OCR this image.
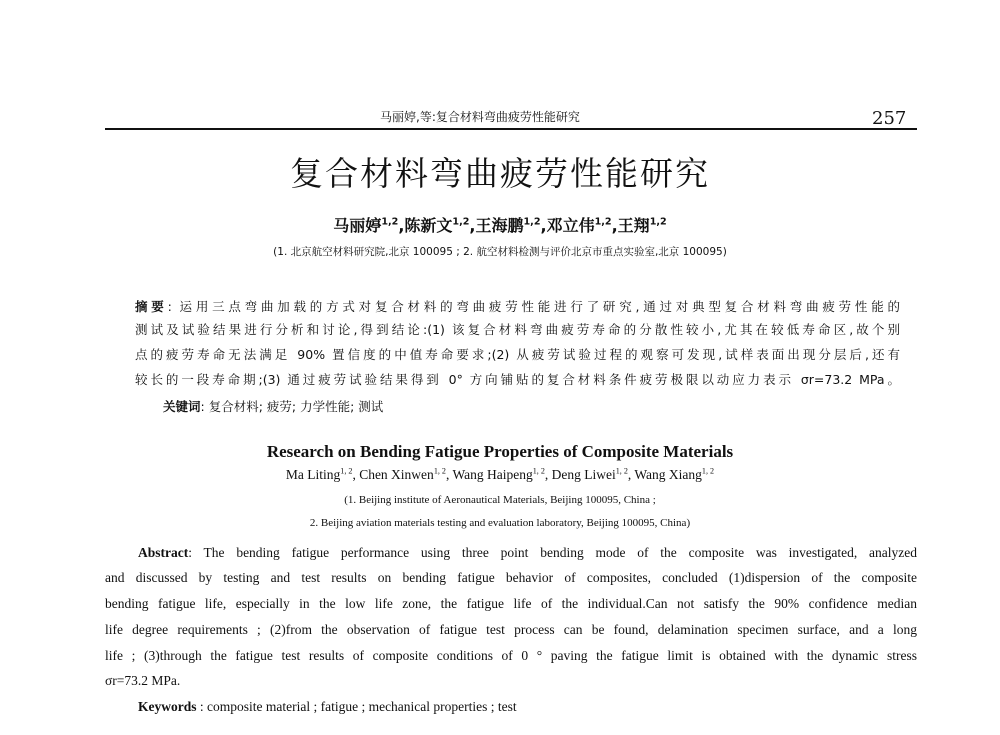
马丽婷,等:复合材料弯曲疲劳性能研究	257
复合材料弯曲疲劳性能研究
马丽婷$^{1,2}$,陈新文$^{1,2}$,王海鹏$^{1,2}$,邓立伟$^{1,2}$,王翔$^{1,2}$
(1. 北京航空材料研究院,北京 100095 ; 2. 航空材料检测与评价北京市重点实验室,北京 100095)
摘要: 运用三点弯曲加载的方式对复合材料的弯曲疲劳性能进行了研究,通过对典型复合材料弯曲疲劳性能的
测试及试验结果进行分析和讨论,得到结论:(1) 该复合材料弯曲疲劳寿命的分散性较小,尤其在较低寿命区,故个别
点的疲劳寿命无法满足 90% 置信度的中值寿命要求;(2) 从疲劳试验过程的观察可发现,试样表面出现分层后,还有
较长的一段寿命期;(3) 通过疲劳试验结果得到 0° 方向铺贴的复合材料条件疲劳极限以动应力表示 σr=73.2 MPa。
关键词: 复合材料; 疲劳; 力学性能; 测试
Research on Bending Fatigue Properties of Composite Materials
Ma Liting$^{1, 2}$, Chen Xinwen$^{1, 2}$, Wang Haipeng$^{1, 2}$, Deng Liwei$^{1, 2}$, Wang Xiang$^{1, 2}$
(1. Beijing institute of Aeronautical Materials, Beijing 100095, China ;
2. Beijing aviation materials testing and evaluation laboratory, Beijing 100095, China)
Abstract: The bending fatigue performance using three point bending mode of the composite was investigated, analyzed
and discussed by testing and test results on bending fatigue behavior of composites, concluded (1)dispersion of the composite
bending fatigue life, especially in the low life zone, the fatigue life of the individual.Can not satisfy the 90% confidence median
life degree requirements ; (2)from the observation of fatigue test process can be found, delamination specimen surface, and a long
life ; (3)through the fatigue test results of composite conditions of 0 ° paving the fatigue limit is obtained with the dynamic stress
σr=73.2 MPa.
Keywords : composite material ; fatigue ; mechanical properties ; test
